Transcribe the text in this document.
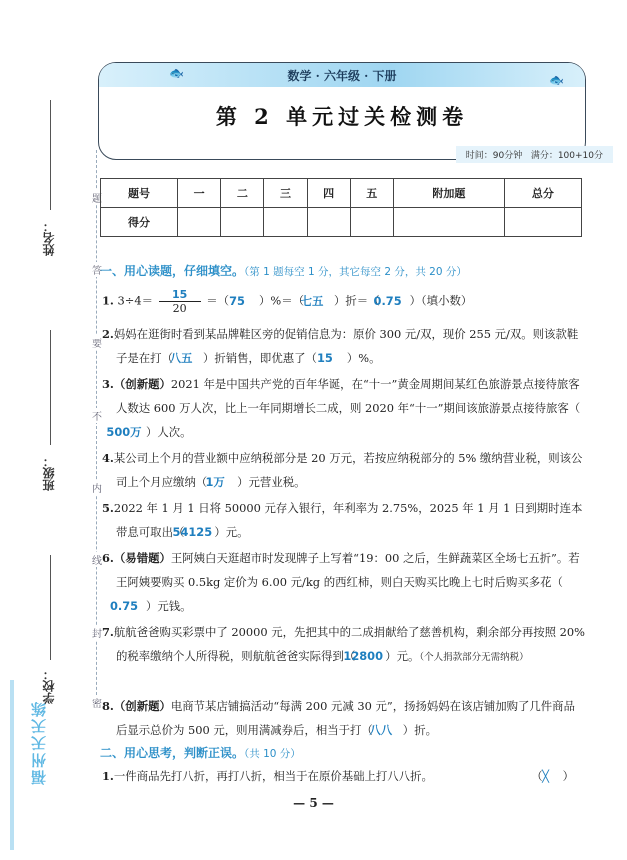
题
答
要
不
内
线
封
密
姓名：
班级：
学校：
福州天天练
数学 · 六年级 · 下册
🐟	🐟
第 2 单元过关检测卷
时间：90分钟 满分：100+10分
题号	一	二	三	四	五	附加题	总分
得分							
一、用心读题，仔细填空。（第 1 题每空 1 分，其它每空 2 分，共 20 分）
1. $3\div 4= \frac{15}{20} =(75$ ）%＝（七五 ）折＝（0.75 ）（填小数）
2.妈妈在逛街时看到某品牌鞋区旁的促销信息为：原价 300 元/双，现价 255 元/双。则该款鞋子是在打（八五 ）折销售，即优惠了（15 ）%。
3.（创新题）2021 年是中国共产党的百年华诞，在“十一”黄金周期间某红色旅游景点接待旅客人数达 600 万人次，比上一年同期增长二成，则 2020 年“十一”期间该旅游景点接待旅客（500万 ）人次。
4.某公司上个月的营业额中应纳税部分是 20 万元，若按应纳税部分的 5% 缴纳营业税，则该公司上个月应缴纳（1万 ）元营业税。
5.2022 年 1 月 1 日将 50000 元存入银行，年利率为 2.75%，2025 年 1 月 1 日到期时连本带息可取出（54125 ）元。
6.（易错题）王阿姨白天逛超市时发现牌子上写着“19：00 之后，生鲜蔬菜区全场七五折”。若王阿姨要购买 0.5kg 定价为 6.00 元/kg 的西红柿，则白天购买比晚上七时后购买多花（0.75 ）元钱。
7.航航爸爸购买彩票中了 20000 元，先把其中的二成捐献给了慈善机构，剩余部分再按照 20% 的税率缴纳个人所得税，则航航爸爸实际得到（12800 ）元。（个人捐款部分无需纳税）
8.（创新题）电商节某店铺搞活动“每满 200 元减 30 元”，扬扬妈妈在该店铺加购了几件商品后显示总价为 500 元，则用满减券后，相当于打（八八 ）折。
二、用心思考，判断正误。（共 10 分）
1.一件商品先打八折，再打八折，相当于在原价基础上打八八折。	（╳ ）
— 5 —
